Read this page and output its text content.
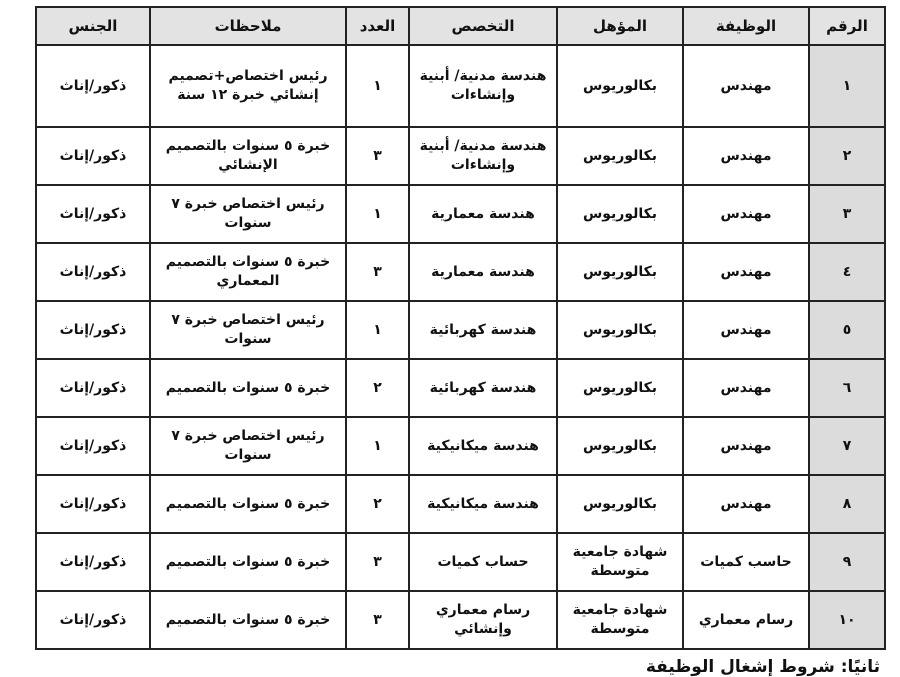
الرقم	الوظيفة	المؤهل	التخصص	العدد	ملاحظات	الجنس
١	مهندس	بكالوريوس	هندسة مدنية/ أبنية وإنشاءات	١	رئيس اختصاص+تصميم إنشائي خبرة ١٢ سنة	ذكور/إناث
٢	مهندس	بكالوريوس	هندسة مدنية/ أبنية وإنشاءات	٣	خبرة ٥ سنوات بالتصميم الإنشائي	ذكور/إناث
٣	مهندس	بكالوريوس	هندسة معمارية	١	رئيس اختصاص خبرة ٧ سنوات	ذكور/إناث
٤	مهندس	بكالوريوس	هندسة معمارية	٣	خبرة ٥ سنوات بالتصميم المعماري	ذكور/إناث
٥	مهندس	بكالوريوس	هندسة كهربائية	١	رئيس اختصاص خبرة ٧ سنوات	ذكور/إناث
٦	مهندس	بكالوريوس	هندسة كهربائية	٢	خبرة ٥ سنوات بالتصميم	ذكور/إناث
٧	مهندس	بكالوريوس	هندسة ميكانيكية	١	رئيس اختصاص خبرة ٧ سنوات	ذكور/إناث
٨	مهندس	بكالوريوس	هندسة ميكانيكية	٢	خبرة ٥ سنوات بالتصميم	ذكور/إناث
٩	حاسب كميات	شهادة جامعية متوسطة	حساب كميات	٣	خبرة ٥ سنوات بالتصميم	ذكور/إناث
١٠	رسام معماري	شهادة جامعية متوسطة	رسام معماري وإنشائي	٣	خبرة ٥ سنوات بالتصميم	ذكور/إناث
ثانيًا: شروط إشغال الوظيفة
